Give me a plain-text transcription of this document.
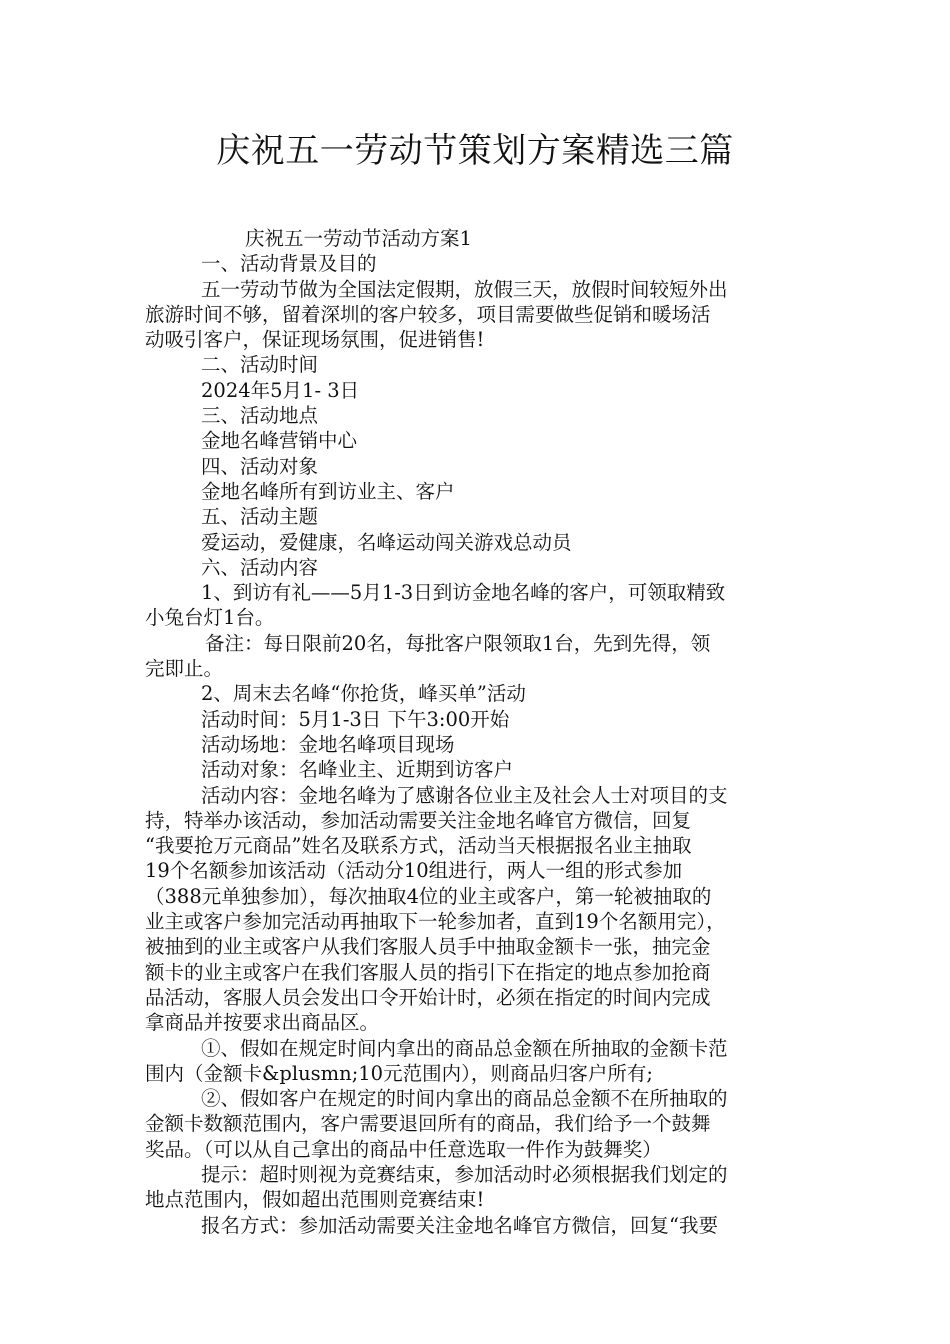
庆祝五一劳动节策划方案精选三篇

庆祝五一劳动节活动方案1

一、活动背景及目的

五一劳动节做为全国法定假期，放假三天，放假时间较短外出

旅游时间不够，留着深圳的客户较多，项目需要做些促销和暖场活

动吸引客户，保证现场氛围，促进销售!

二、活动时间

2024年5月1- 3日

三、活动地点

金地名峰营销中心

四、活动对象

金地名峰所有到访业主、客户

五、活动主题

爱运动，爱健康，名峰运动闯关游戏总动员

六、活动内容

1、到访有礼——5月1-3日到访金地名峰的客户，可领取精致

小兔台灯1台。

备注：每日限前20名，每批客户限领取1台，先到先得，领

完即止。

2、周末去名峰“你抢货，峰买单”活动

活动时间：5月1-3日 下午3:00开始

活动场地：金地名峰项目现场

活动对象：名峰业主、近期到访客户

活动内容：金地名峰为了感谢各位业主及社会人士对项目的支

持，特举办该活动，参加活动需要关注金地名峰官方微信，回复

“我要抢万元商品”姓名及联系方式，活动当天根据报名业主抽取

19个名额参加该活动（活动分10组进行，两人一组的形式参加

（388元单独参加），每次抽取4位的业主或客户，第一轮被抽取的

业主或客户参加完活动再抽取下一轮参加者，直到19个名额用完），

被抽到的业主或客户从我们客服人员手中抽取金额卡一张，抽完金

额卡的业主或客户在我们客服人员的指引下在指定的地点参加抢商

品活动，客服人员会发出口令开始计时，必须在指定的时间内完成

拿商品并按要求出商品区。

①、假如在规定时间内拿出的商品总金额在所抽取的金额卡范

围内（金额卡&plusmn;10元范围内），则商品归客户所有;

②、假如客户在规定的时间内拿出的商品总金额不在所抽取的

金额卡数额范围内，客户需要退回所有的商品，我们给予一个鼓舞

奖品。（可以从自己拿出的商品中任意选取一件作为鼓舞奖）

提示：超时则视为竞赛结束，参加活动时必须根据我们划定的

地点范围内，假如超出范围则竞赛结束!

报名方式：参加活动需要关注金地名峰官方微信，回复“我要
